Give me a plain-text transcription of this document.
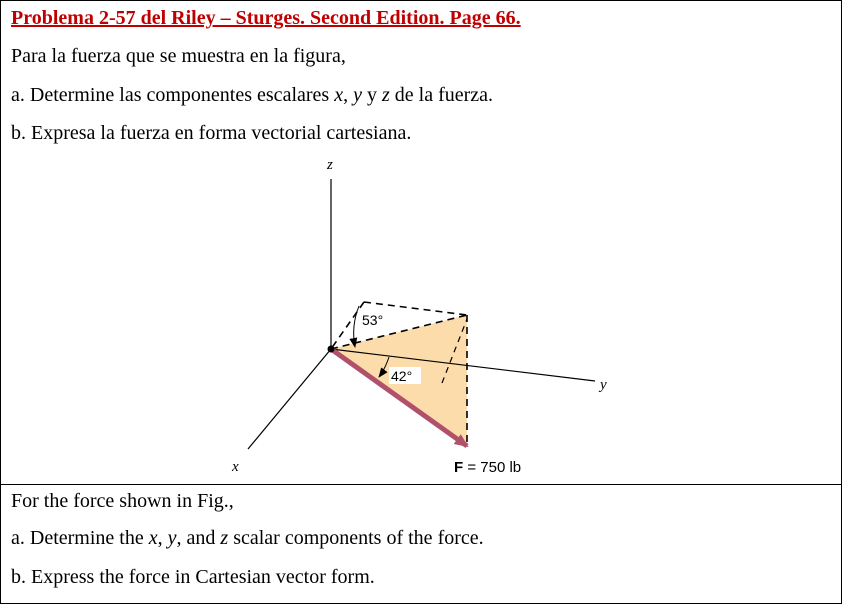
Problema 2-57 del Riley – Sturges. Second Edition. Page 66.
Para la fuerza que se muestra en la figura,
a. Determine las componentes escalares x, y y z de la fuerza.
b. Expresa la fuerza en forma vectorial cartesiana.
z
y
x
53°
42°
F = 750 lb
For the force shown in Fig.,
a. Determine the x, y, and z scalar components of the force.
b. Express the force in Cartesian vector form.
